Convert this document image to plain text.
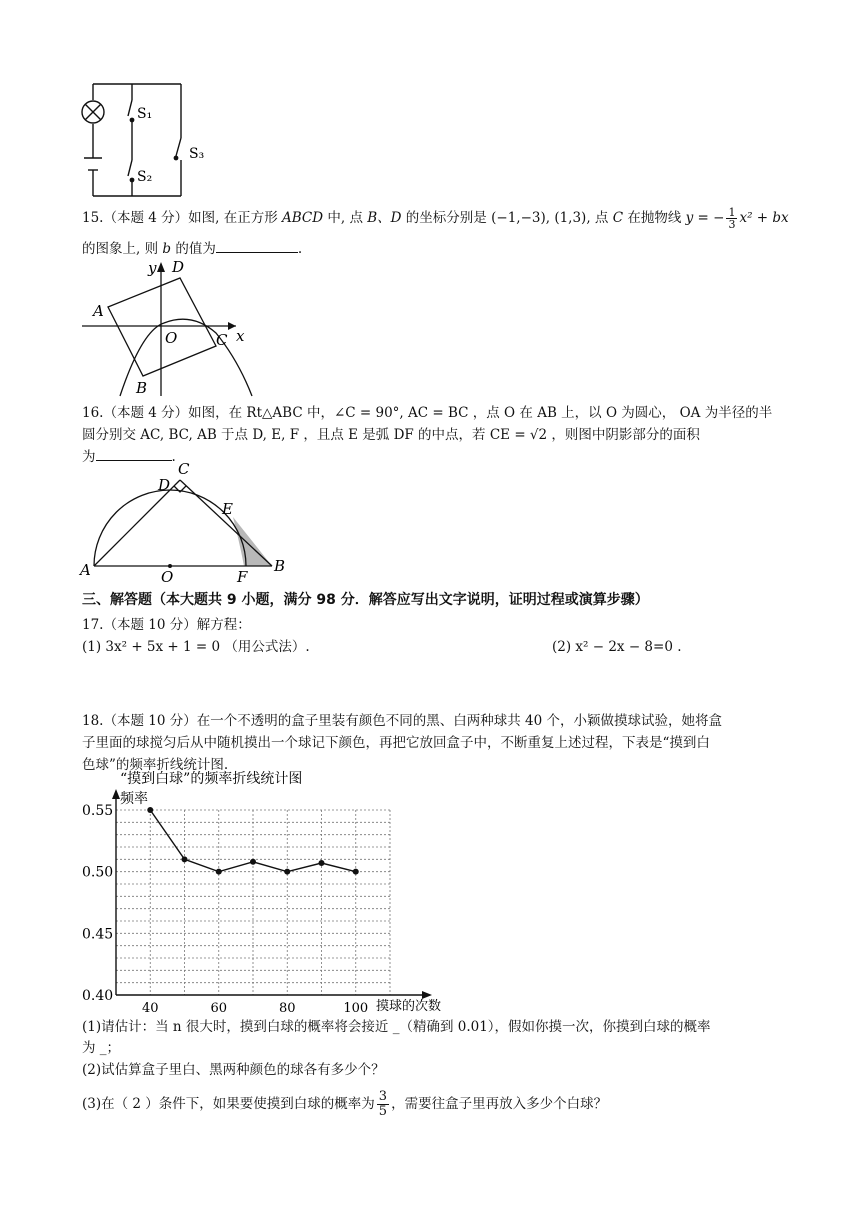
S₁
S₂
S₃
15.（本题 4 分）如图, 在正方形 ABCD 中, 点 B、D 的坐标分别是 (−1,−3), (1,3), 点 C 在抛物线 y = − $\frac{1}{3} x^2$ + bx
的图象上, 则 b 的值为	.
y
x
A
B
C
D
O
16.（本题 4 分）如图，在 Rt△ABC 中，∠C = 90°, AC = BC ，点 O 在 AB 上，以 O 为圆心， OA 为半径的半
圆分别交 AC, BC, AB 于点 D, E, F ，且点 E 是弧 DF 的中点，若 CE = √2 ，则图中阴影部分的面积
为	.
C
D
E
A	O	F
B
三、解答题（本大题共 9 小题，满分 98 分．解答应写出文字说明，证明过程或演算步骤）
17.（本题 10 分）解方程：
(1) 3x² + 5x + 1 = 0 （用公式法）.	(2) x² − 2x − 8=0 .
18.（本题 10 分）在一个不透明的盒子里装有颜色不同的黑、白两种球共 40 个，小颖做摸球试验，她将盒
子里面的球搅匀后从中随机摸出一个球记下颜色，再把它放回盒子中，不断重复上述过程，下表是“摸到白
色球”的频率折线统计图.
“摸到白球”的频率折线统计图
频率
摸球的次数
0.40
0.45
0.50
0.55
40	60	80	100
(1)请估计：当 n 很大时，摸到白球的概率将会接近 _（精确到 0.01），假如你摸一次，你摸到白球的概率
为 _；
(2)试估算盒子里白、黑两种颜色的球各有多少个？
(3)在（ 2 ）条件下，如果要使摸到白球的概率为 $\frac{3}{5}$ ，需要往盒子里再放入多少个白球？
